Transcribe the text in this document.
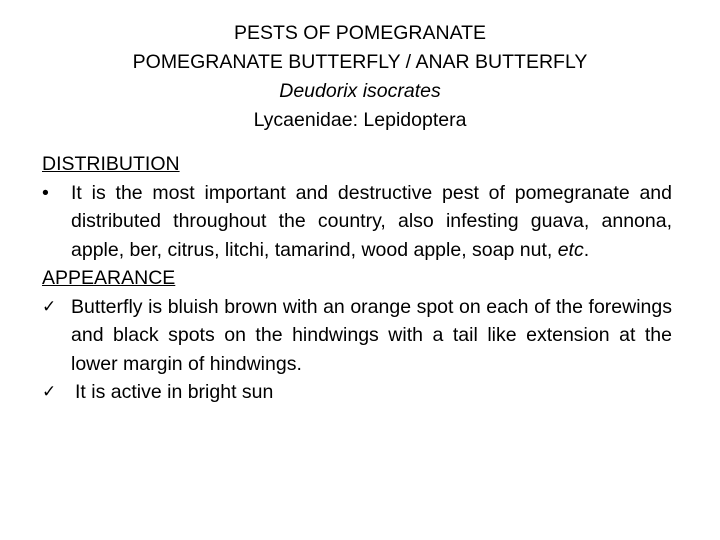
PESTS OF POMEGRANATE
POMEGRANATE BUTTERFLY / ANAR BUTTERFLY
Deudorix isocrates
Lycaenidae: Lepidoptera
DISTRIBUTION
•	It is the most important and destructive pest of pomegranate and distributed throughout the country, also infesting guava, annona, apple, ber, citrus, litchi, tamarind, wood apple, soap nut, etc.
APPEARANCE
✓ Butterfly is bluish brown with an orange spot on each of the forewings and black spots on the hindwings with a tail like extension at the lower margin of hindwings.
✓ It is active in bright sun
